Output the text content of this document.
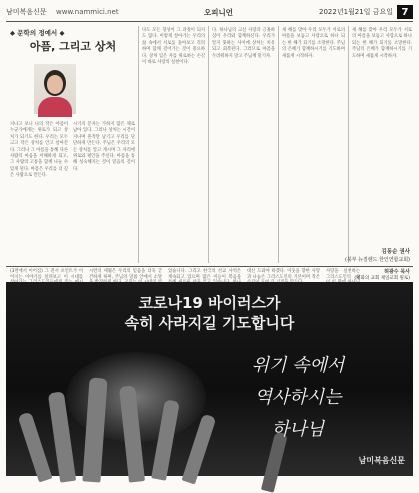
남미복음신문	www.nammici.net	오피니언	2022년1월21일 금요일 7
◆ 문학의 정예서 ◆
아픔, 그리고 상처
지나고 보니 나의 작은 아픔이 누군가에게는 위로가 되고 상처가 되기도 한다. 우리는 모두 크고 작은 상처를 안고 살아간다. 그러나 그 아픔을 통해 다른 사람의 마음을 이해하게 되고, 그 사람의 고통을 함께 나눌 수 있게 된다. 아픔은 우리를 더 깊은 사람으로 만든다.
시기의 문자는 가하지 않은 채로 남아 있다. 그러나 상처는 시간이 지나며 흔적만 남기고 우리를 단단하게 만든다. 주님은 우리의 모든 상처를 알고 계시며 그 자리에 위로와 평안을 주신다. 아픔을 통해 성숙해지는 것이 믿음의 길이다.
다도 모든 형성이 그 과정이 되지도 않다. 이렇게 살아가는 우리의 삶 속에서 서로를 돌아보고 격려하며 함께 걸어가는 것이 중요하다. 상처 입은 자를 위로하는 손길이 바로 사랑의 실천이다.
다. 하나님의 크신 사랑과 긍휼하심이 우리와 함께하신다. 우리가 알지 못하는 사이에 상처는 치유되고 회복된다. 그러므로 아픔을 두려워하지 말고 주님께 맡기자.
새 해를 맞아 우리 모두가 서로의 아픔을 보듬고 사랑으로 하나 되는 한 해가 되기를 소망한다. 주님의 은혜가 함께하시기를 기도하며 새롭게 시작하자.
새 해를 맞아 우리 모두가 서로의 아픔을 보듬고 사랑으로 하나 되는 한 해가 되기를 소망한다. 주님의 은혜가 함께하시기를 기도하며 새롭게 시작하자.
김동순 권사
(북부 뉴질랜드 한인연합교회)
(3면에서 이어짐) 그 전서 포인트가 이어지는 이야기를 살펴보고 이 시대를
시련의 세월은 우리의 믿음을 더욱 굳건하게 하며, 주님의 말씀 안에서 소망
었습니다. 그리고 한국의 선교 사역은 계속되고 있으며 많은 이들이 복음을
대신 도와야 하겠다. 이웃을 향한 사랑과 나눔은 그리스도인의 기본이며 작은
사랑을 실천하는 그리스도인의 삶
허광수 목사
(평화의 교회 제일교회 원로)
코로나19 바이러스가
속히 사라지길 기도합니다
위기 속에서
역사하시는
하나님
남미복음신문
